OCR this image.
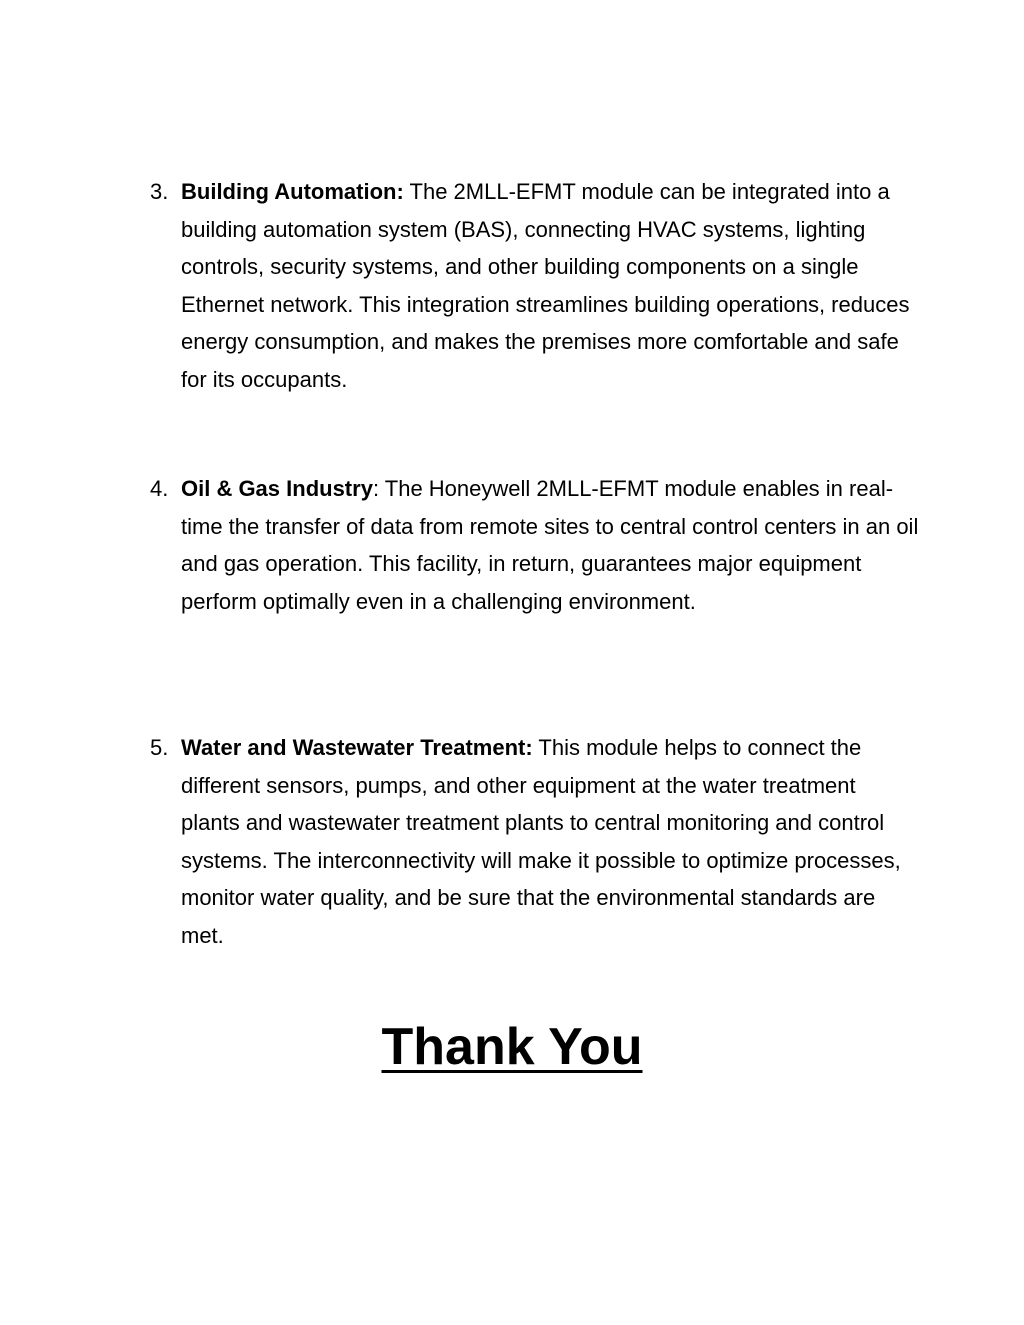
3. Building Automation: The 2MLL-EFMT module can be integrated into a building automation system (BAS), connecting HVAC systems, lighting controls, security systems, and other building components on a single Ethernet network. This integration streamlines building operations, reduces energy consumption, and makes the premises more comfortable and safe for its occupants.
4. Oil & Gas Industry: The Honeywell 2MLL-EFMT module enables in real-time the transfer of data from remote sites to central control centers in an oil and gas operation. This facility, in return, guarantees major equipment perform optimally even in a challenging environment.
5. Water and Wastewater Treatment: This module helps to connect the different sensors, pumps, and other equipment at the water treatment plants and wastewater treatment plants to central monitoring and control systems. The interconnectivity will make it possible to optimize processes, monitor water quality, and be sure that the environmental standards are met.
Thank You
